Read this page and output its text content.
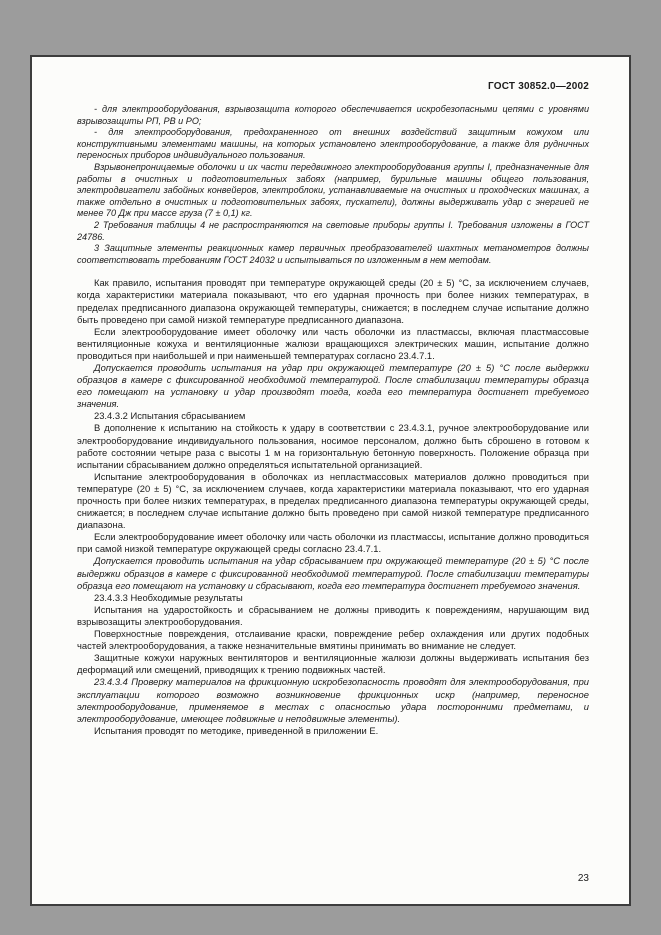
ГОСТ 30852.0—2002

- для электрооборудования, взрывозащита которого обеспечивается искробезопасными цепями с уровнями взрывозащиты РП, РВ и РО;

- для электрооборудования, предохраненного от внешних воздействий защитным кожухом или конструктивными элементами машины, на которых установлено электрооборудование, а также для рудничных переносных приборов индивидуального пользования.

Взрывонепроницаемые оболочки и их части передвижного электрооборудования группы I, предназначенные для работы в очистных и подготовительных забоях (например, бурильные машины общего пользования, электродвигатели забойных конвейеров, электроблоки, устанавливаемые на очистных и проходческих машинах, а также отдельно в очистных и подготовительных забоях, пускатели), должны выдерживать удар с энергией не менее 70 Дж при массе груза (7 ± 0,1) кг.

2 Требования таблицы 4 не распространяются на световые приборы группы I. Требования изложены в ГОСТ 24786.

3 Защитные элементы реакционных камер первичных преобразователей шахтных метанометров должны соответствовать требованиям ГОСТ 24032 и испытываться по изложенным в нем методам.

Как правило, испытания проводят при температуре окружающей среды (20 ± 5) °С, за исключением случаев, когда характеристики материала показывают, что его ударная прочность при более низких температурах, в пределах предписанного диапазона окружающей температуры, снижается; в последнем случае испытание должно быть проведено при самой низкой температуре предписанного диапазона.

Если электрооборудование имеет оболочку или часть оболочки из пластмассы, включая пластмассовые вентиляционные кожуха и вентиляционные жалюзи вращающихся электрических машин, испытание должно проводиться при наибольшей и при наименьшей температурах согласно 23.4.7.1.

Допускается проводить испытания на удар при окружающей температуре (20 ± 5) °С после выдержки образцов в камере с фиксированной необходимой температурой. После стабилизации температуры образца его помещают на установку и удар производят тогда, когда его температура достигнет требуемого значения.

23.4.3.2 Испытания сбрасыванием

В дополнение к испытанию на стойкость к удару в соответствии с 23.4.3.1, ручное электрооборудование или электрооборудование индивидуального пользования, носимое персоналом, должно быть сброшено в готовом к работе состоянии четыре раза с высоты 1 м на горизонтальную бетонную поверхность. Положение образца при испытании сбрасыванием должно определяться испытательной организацией.

Испытание электрооборудования в оболочках из непластмассовых материалов должно проводиться при температуре (20 ± 5) °С, за исключением случаев, когда характеристики материала показывают, что его ударная прочность при более низких температурах, в пределах предписанного диапазона температуры окружающей среды, снижается; в последнем случае испытание должно быть проведено при самой низкой температуре предписанного диапазона.

Если электрооборудование имеет оболочку или часть оболочки из пластмассы, испытание должно проводиться при самой низкой температуре окружающей среды согласно 23.4.7.1.

Допускается проводить испытания на удар сбрасыванием при окружающей температуре (20 ± 5) °С после выдержки образцов в камере с фиксированной необходимой температурой. После стабилизации температуры образца его помещают на установку и сбрасывают, когда его температура достигнет требуемого значения.

23.4.3.3 Необходимые результаты

Испытания на ударостойкость и сбрасыванием не должны приводить к повреждениям, нарушающим вид взрывозащиты электрооборудования.

Поверхностные повреждения, отслаивание краски, повреждение ребер охлаждения или других подобных частей электрооборудования, а также незначительные вмятины принимать во внимание не следует.

Защитные кожухи наружных вентиляторов и вентиляционные жалюзи должны выдерживать испытания без деформаций или смещений, приводящих к трению подвижных частей.

23.4.3.4 Проверку материалов на фрикционную искробезопасность проводят для электрооборудования, при эксплуатации которого возможно возникновение фрикционных искр (например, переносное электрооборудование, применяемое в местах с опасностью удара посторонними предметами, и электрооборудование, имеющее подвижные и неподвижные элементы).

Испытания проводят по методике, приведенной в приложении Е.

23
